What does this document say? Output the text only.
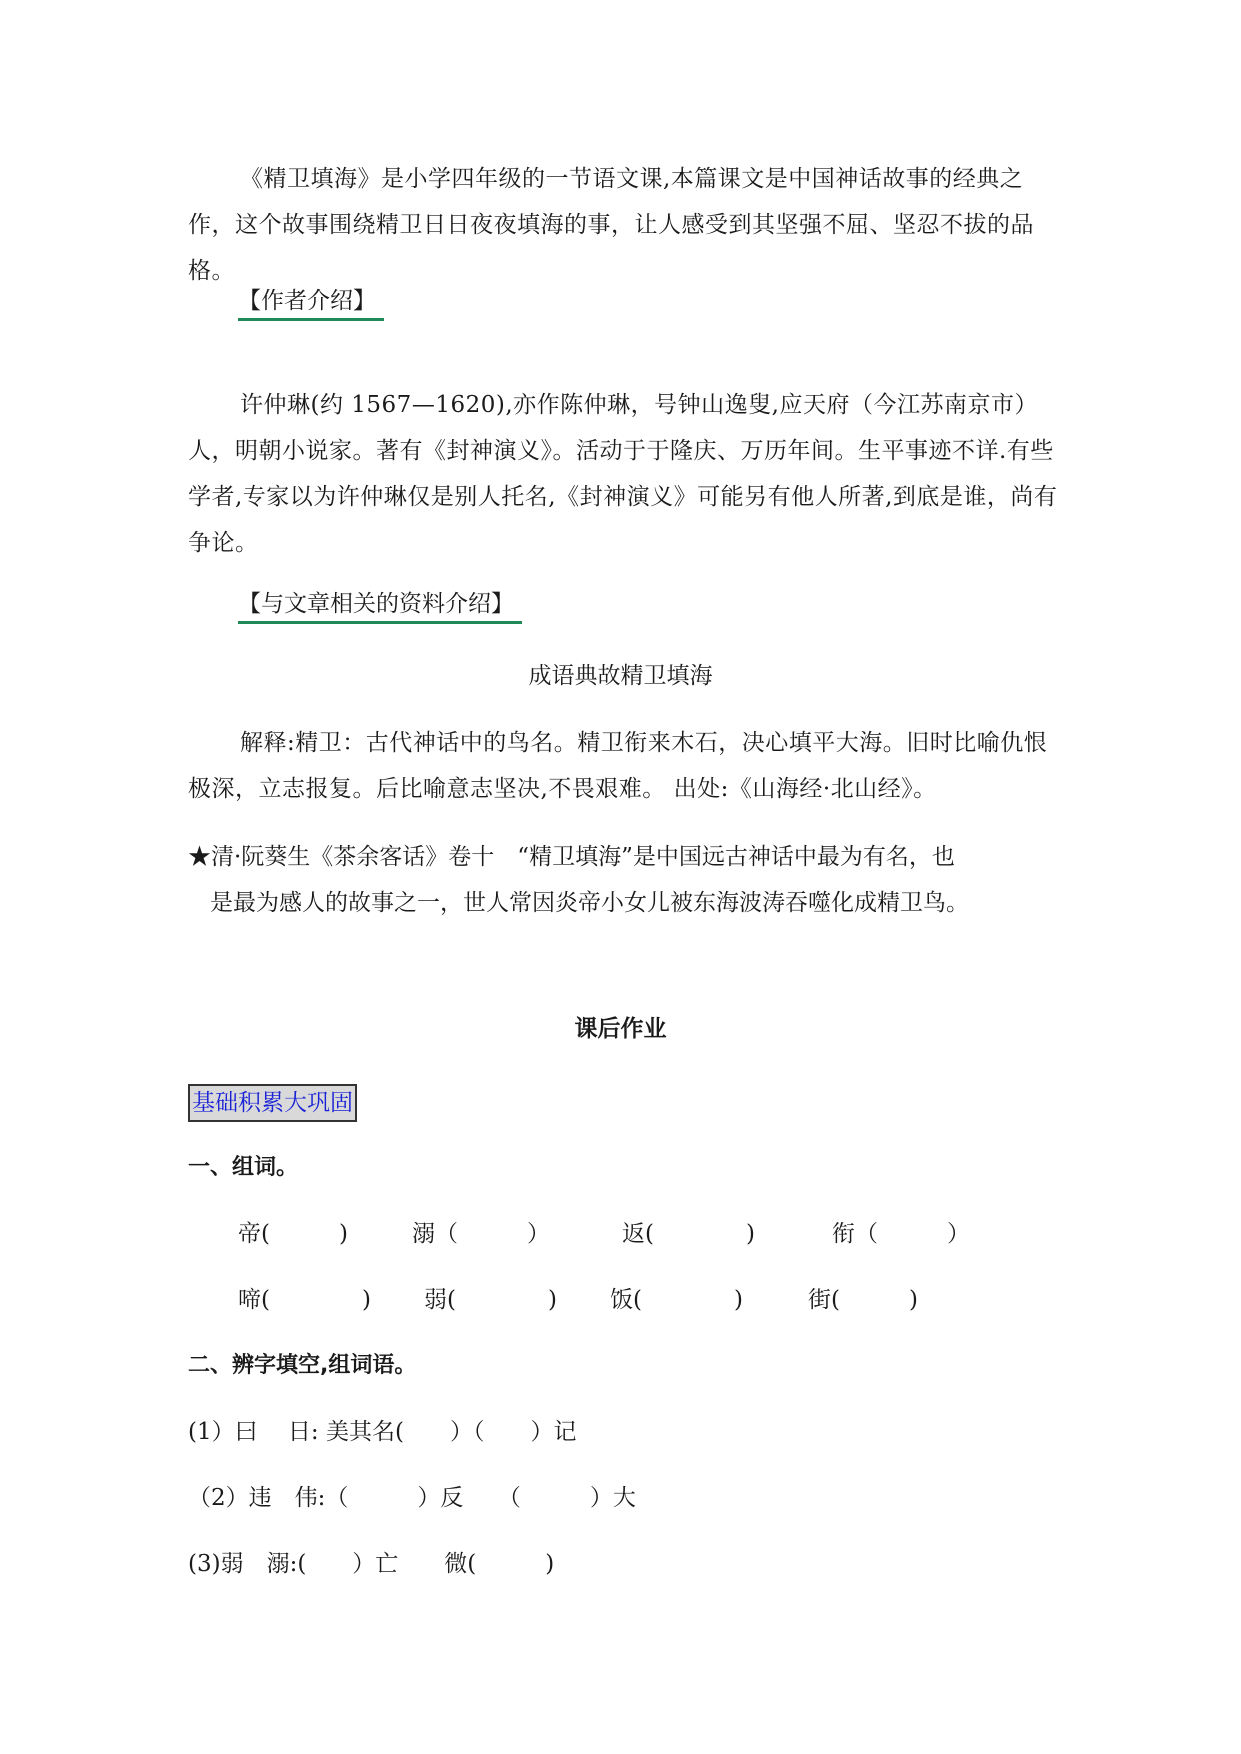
《精卫填海》是小学四年级的一节语文课,本篇课文是中国神话故事的经典之作，这个故事围绕精卫日日夜夜填海的事，让人感受到其坚强不屈、坚忍不拔的品格。

【作者介绍】

许仲琳(约 1567—1620),亦作陈仲琳，号钟山逸叟,应天府（今江苏南京市）人，明朝小说家。著有《封神演义》。活动于于隆庆、万历年间。生平事迹不详.有些学者,专家以为许仲琳仅是别人托名,《封神演义》可能另有他人所著,到底是谁，尚有争论。

【与文章相关的资料介绍】
成语典故精卫填海

解释:精卫：古代神话中的鸟名。精卫衔来木石，决心填平大海。旧时比喻仇恨极深，立志报复。后比喻意志坚决,不畏艰难。 出处:《山海经·北山经》。

★清·阮葵生《茶余客话》卷十　“精卫填海”是中国远古神话中最为有名，也
是最为感人的故事之一，世人常因炎帝小女儿被东海波涛吞噬化成精卫鸟。

课后作业
基础积累大巩固
一、组词。
帝(　　　)	溺（　　　）	返(　　　　)	衔（　　　）
啼(　　　　) 弱(　　　　) 饭(　　　　)	街(　　　)
二、辨字填空,组词语。
(1）曰　 日: 美其名(　　）（　　）记
（2）违　伟:（　　　）反　　（　　　）大
(3)弱　溺:(　　）亡　　微(　　　)
